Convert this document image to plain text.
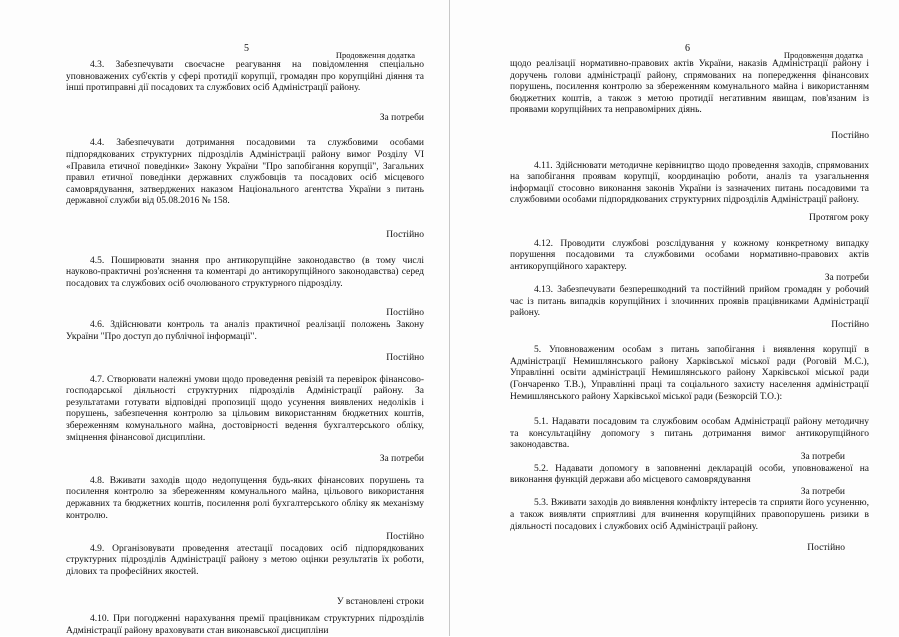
5
Продовження додатка

4.3. Забезпечувати своєчасне реагування на повідомлення спеціально уповноважених суб'єктів у сфері протидії корупції, громадян про корупційні діяння та інші протиправні дії посадових та службових осіб Адміністрації району.

За потреби

4.4. Забезпечувати дотримання посадовими та службовими особами підпорядкованих структурних підрозділів Адміністрації району вимог Розділу VI «Правила етичної поведінки» Закону України "Про запобігання корупції", Загальних правил етичної поведінки державних службовців та посадових осіб місцевого самоврядування, затверджених наказом Національного агентства України з питань державної служби від 05.08.2016 № 158.

Постійно

4.5. Поширювати знання про антикорупційне законодавство (в тому числі науково-практичні роз'яснення та коментарі до антикорупційного законодавства) серед посадових та службових осіб очолюваного структурного підрозділу.

Постійно

4.6. Здійснювати контроль та аналіз практичної реалізації положень Закону України "Про доступ до публічної інформації".

Постійно

4.7. Створювати належні умови щодо проведення ревізій та перевірок фінансово-господарської діяльності структурних підрозділів Адміністрації району. За результатами готувати відповідні пропозиції щодо усунення виявлених недоліків і порушень, забезпечення контролю за цільовим використанням бюджетних коштів, збереженням комунального майна, достовірності ведення бухгалтерського обліку, зміцнення фінансової дисципліни.

За потреби

4.8. Вживати заходів щодо недопущення будь-яких фінансових порушень та посилення контролю за збереженням комунального майна, цільового використання державних та бюджетних коштів, посилення ролі бухгалтерського обліку як механізму контролю.

Постійно

4.9. Організовувати проведення атестації посадових осіб підпорядкованих структурних підрозділів Адміністрації району з метою оцінки результатів їх роботи, ділових та професійних якостей.

У встановлені строки

4.10. При погодженні нарахування премії працівникам структурних підрозділів Адміністрації району враховувати стан виконавської дисципліни

6
Продовження додатка

щодо реалізації нормативно-правових актів України, наказів Адміністрації району і доручень голови адміністрації району, спрямованих на попередження фінансових порушень, посилення контролю за збереженням комунального майна і використанням бюджетних коштів, а також з метою протидії негативним явищам, пов'язаним із проявами корупційних та неправомірних діянь.

Постійно

4.11. Здійснювати методичне керівництво щодо проведення заходів, спрямованих на запобігання проявам корупції, координацію роботи, аналіз та узагальнення інформації стосовно виконання законів України із зазначених питань посадовими та службовими особами підпорядкованих структурних підрозділів Адміністрації району.

Протягом року

4.12. Проводити службові розслідування у кожному конкретному випадку порушення посадовими та службовими особами нормативно-правових актів антикорупційного характеру.

За потреби

4.13. Забезпечувати безперешкодний та постійний прийом громадян у робочий час із питань випадків корупційних і злочинних проявів працівниками Адміністрації району.

Постійно

5. Уповноваженим особам з питань запобігання і виявлення корупції в Адміністрації Немишлянського району Харківської міської ради (Роговій М.С.), Управлінні освіти адміністрації Немишлянського району Харківської міської ради (Гончаренко Т.В.), Управлінні праці та соціального захисту населення адміністрації Немишлянського району Харківської міської ради (Безкорсій Т.О.):

5.1. Надавати посадовим та службовим особам Адміністрації району методичну та консультаційну допомогу з питань дотримання вимог антикорупційного законодавства.

За потреби

5.2. Надавати допомогу в заповненні декларацій особи, уповноваженої на виконання функцій держави або місцевого самоврядування

За потреби

5.3. Вживати заходів до виявлення конфлікту інтересів та сприяти його усуненню, а також виявляти сприятливі для вчинення корупційних правопорушень ризики в діяльності посадових і службових осіб Адміністрації району.

Постійно
